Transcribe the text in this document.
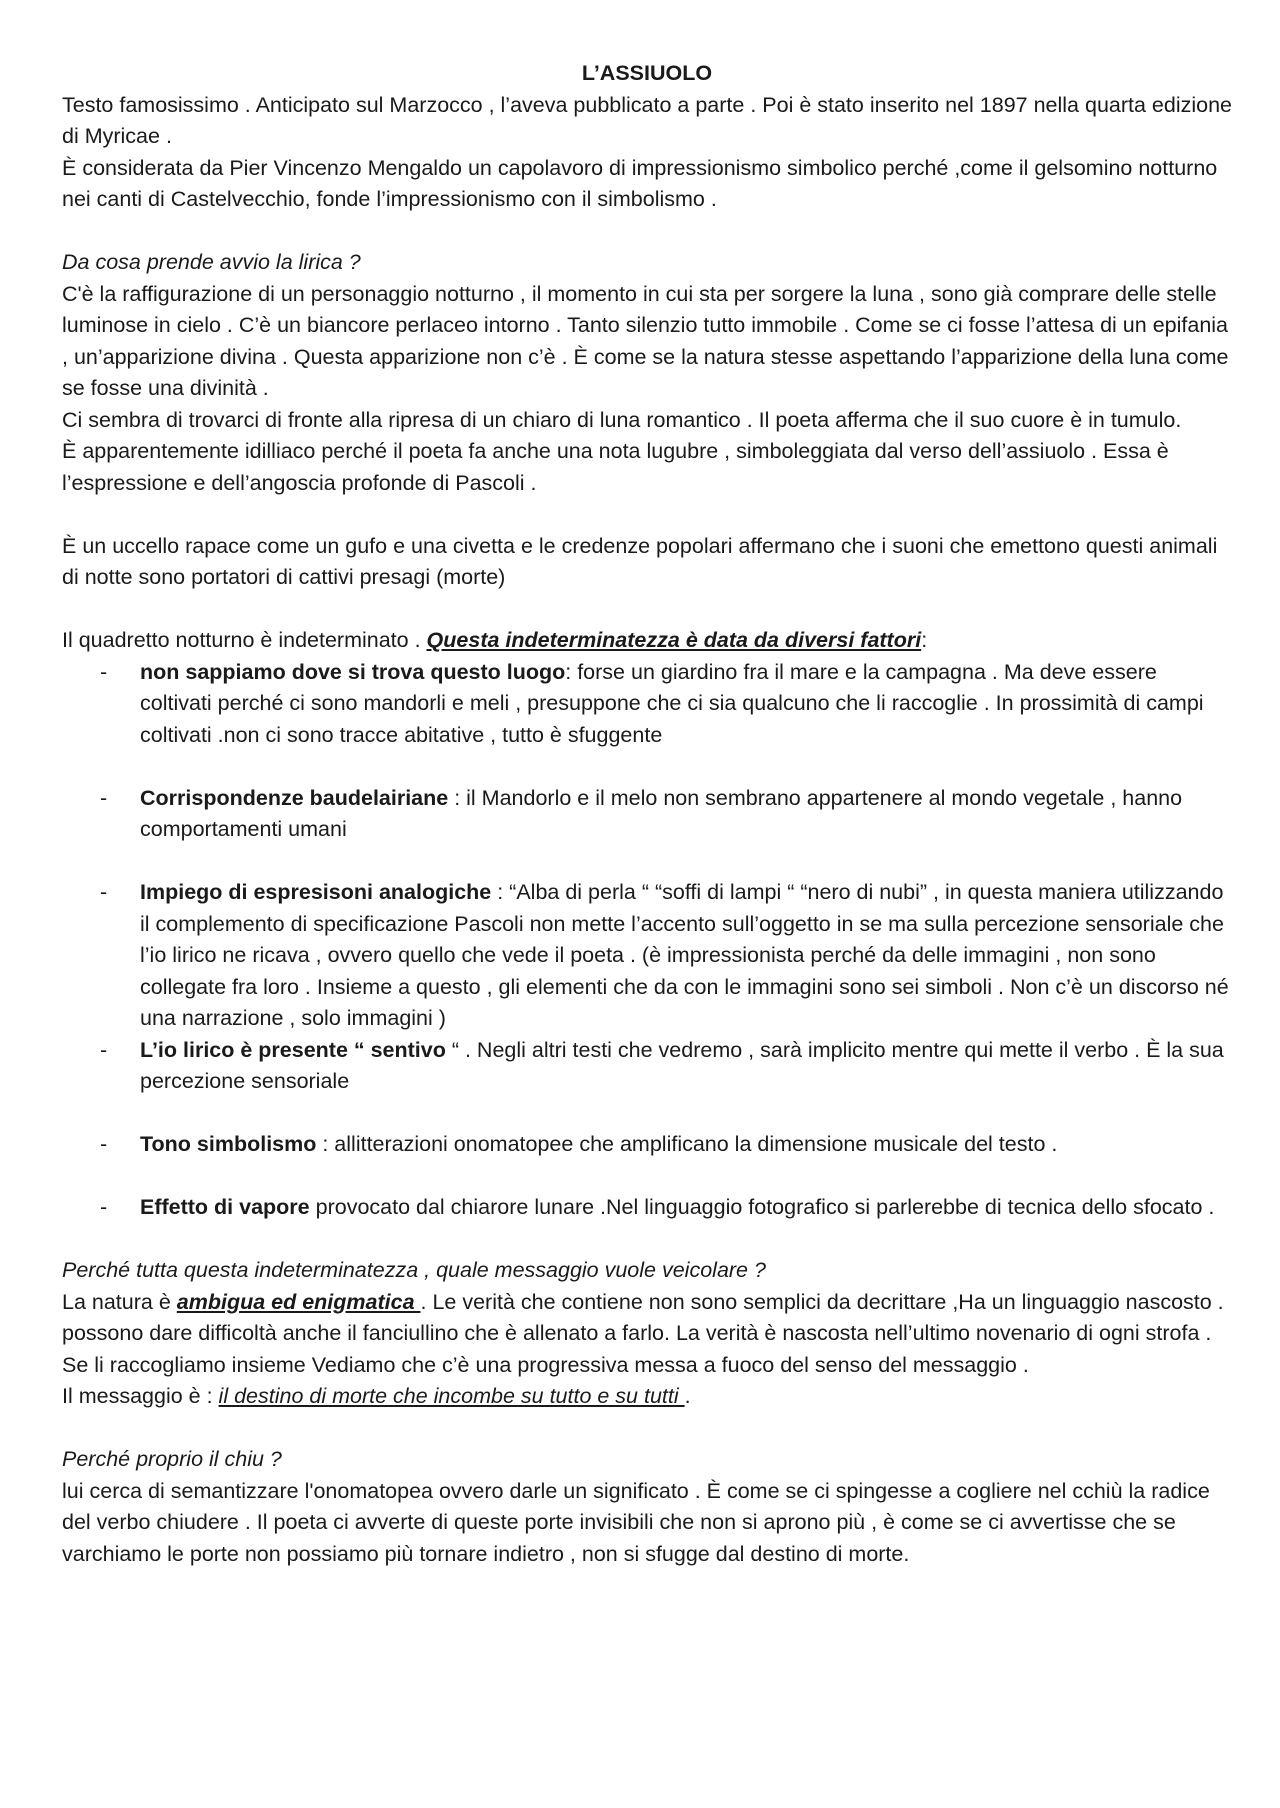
L’ASSIUOLO

Testo famosissimo . Anticipato sul Marzocco , l’aveva pubblicato a parte . Poi è stato inserito nel 1897 nella quarta edizione di Myricae .

È considerata da Pier Vincenzo Mengaldo un capolavoro di impressionismo simbolico perché ,come il gelsomino notturno nei canti di Castelvecchio, fonde l’impressionismo con il simbolismo .

Da cosa prende avvio la lirica ?

C'è la raffigurazione di un personaggio notturno , il momento in cui sta per sorgere la luna , sono già comprare delle stelle luminose in cielo . C’è un biancore perlaceo intorno . Tanto silenzio tutto immobile . Come se ci fosse l’attesa di un epifania , un’apparizione divina . Questa apparizione non c’è . È come se la natura stesse aspettando l’apparizione della luna come se fosse una divinità .

Ci sembra di trovarci di fronte alla ripresa di un chiaro di luna romantico . Il poeta afferma che il suo cuore è in tumulo.

È apparentemente idilliaco perché il poeta fa anche una nota lugubre , simboleggiata dal verso dell’assiuolo . Essa è l’espressione e dell’angoscia profonde di Pascoli .

È un uccello rapace come un gufo e una civetta e le credenze popolari affermano che i suoni che emettono questi animali di notte sono portatori di cattivi presagi (morte)

Il quadretto notturno è indeterminato . Questa indeterminatezza è data da diversi fattori:

- non sappiamo dove si trova questo luogo: forse un giardino fra il mare e la campagna . Ma deve essere coltivati perché ci sono mandorli e meli , presuppone che ci sia qualcuno che li raccoglie . In prossimità di campi coltivati .non ci sono tracce abitative , tutto è sfuggente
- Corrispondenze baudelairiane : il Mandorlo e il melo non sembrano appartenere al mondo vegetale , hanno comportamenti umani
- Impiego di espresisoni analogiche : “Alba di perla “ “soffi di lampi “ “nero di nubi” , in questa maniera utilizzando il complemento di specificazione Pascoli non mette l’accento sull’oggetto in se ma sulla percezione sensoriale che l’io lirico ne ricava , ovvero quello che vede il poeta . (è impressionista perché da delle immagini , non sono collegate fra loro . Insieme a questo , gli elementi che da con le immagini sono sei simboli . Non c’è un discorso né una narrazione , solo immagini )
- L’io lirico è presente “ sentivo “ . Negli altri testi che vedremo , sarà implicito mentre qui mette il verbo . È la sua percezione sensoriale
- Tono simbolismo : allitterazioni onomatopee che amplificano la dimensione musicale del testo .
- Effetto di vapore provocato dal chiarore lunare .Nel linguaggio fotografico si parlerebbe di tecnica dello sfocato .

Perché tutta questa indeterminatezza , quale messaggio vuole veicolare ?

La natura è ambigua ed enigmatica . Le verità che contiene non sono semplici da decrittare ,Ha un linguaggio nascosto . possono dare difficoltà anche il fanciullino che è allenato a farlo. La verità è nascosta nell’ultimo novenario di ogni strofa . Se li raccogliamo insieme Vediamo che c’è una progressiva messa a fuoco del senso del messaggio .

Il messaggio è : il destino di morte che incombe su tutto e su tutti .

Perché proprio il chiu ?

lui cerca di semantizzare l'onomatopea ovvero darle un significato . È come se ci spingesse a cogliere nel cchiù la radice del verbo chiudere . Il poeta ci avverte di queste porte invisibili che non si aprono più , è come se ci avvertisse che se varchiamo le porte non possiamo più tornare indietro , non si sfugge dal destino di morte.
